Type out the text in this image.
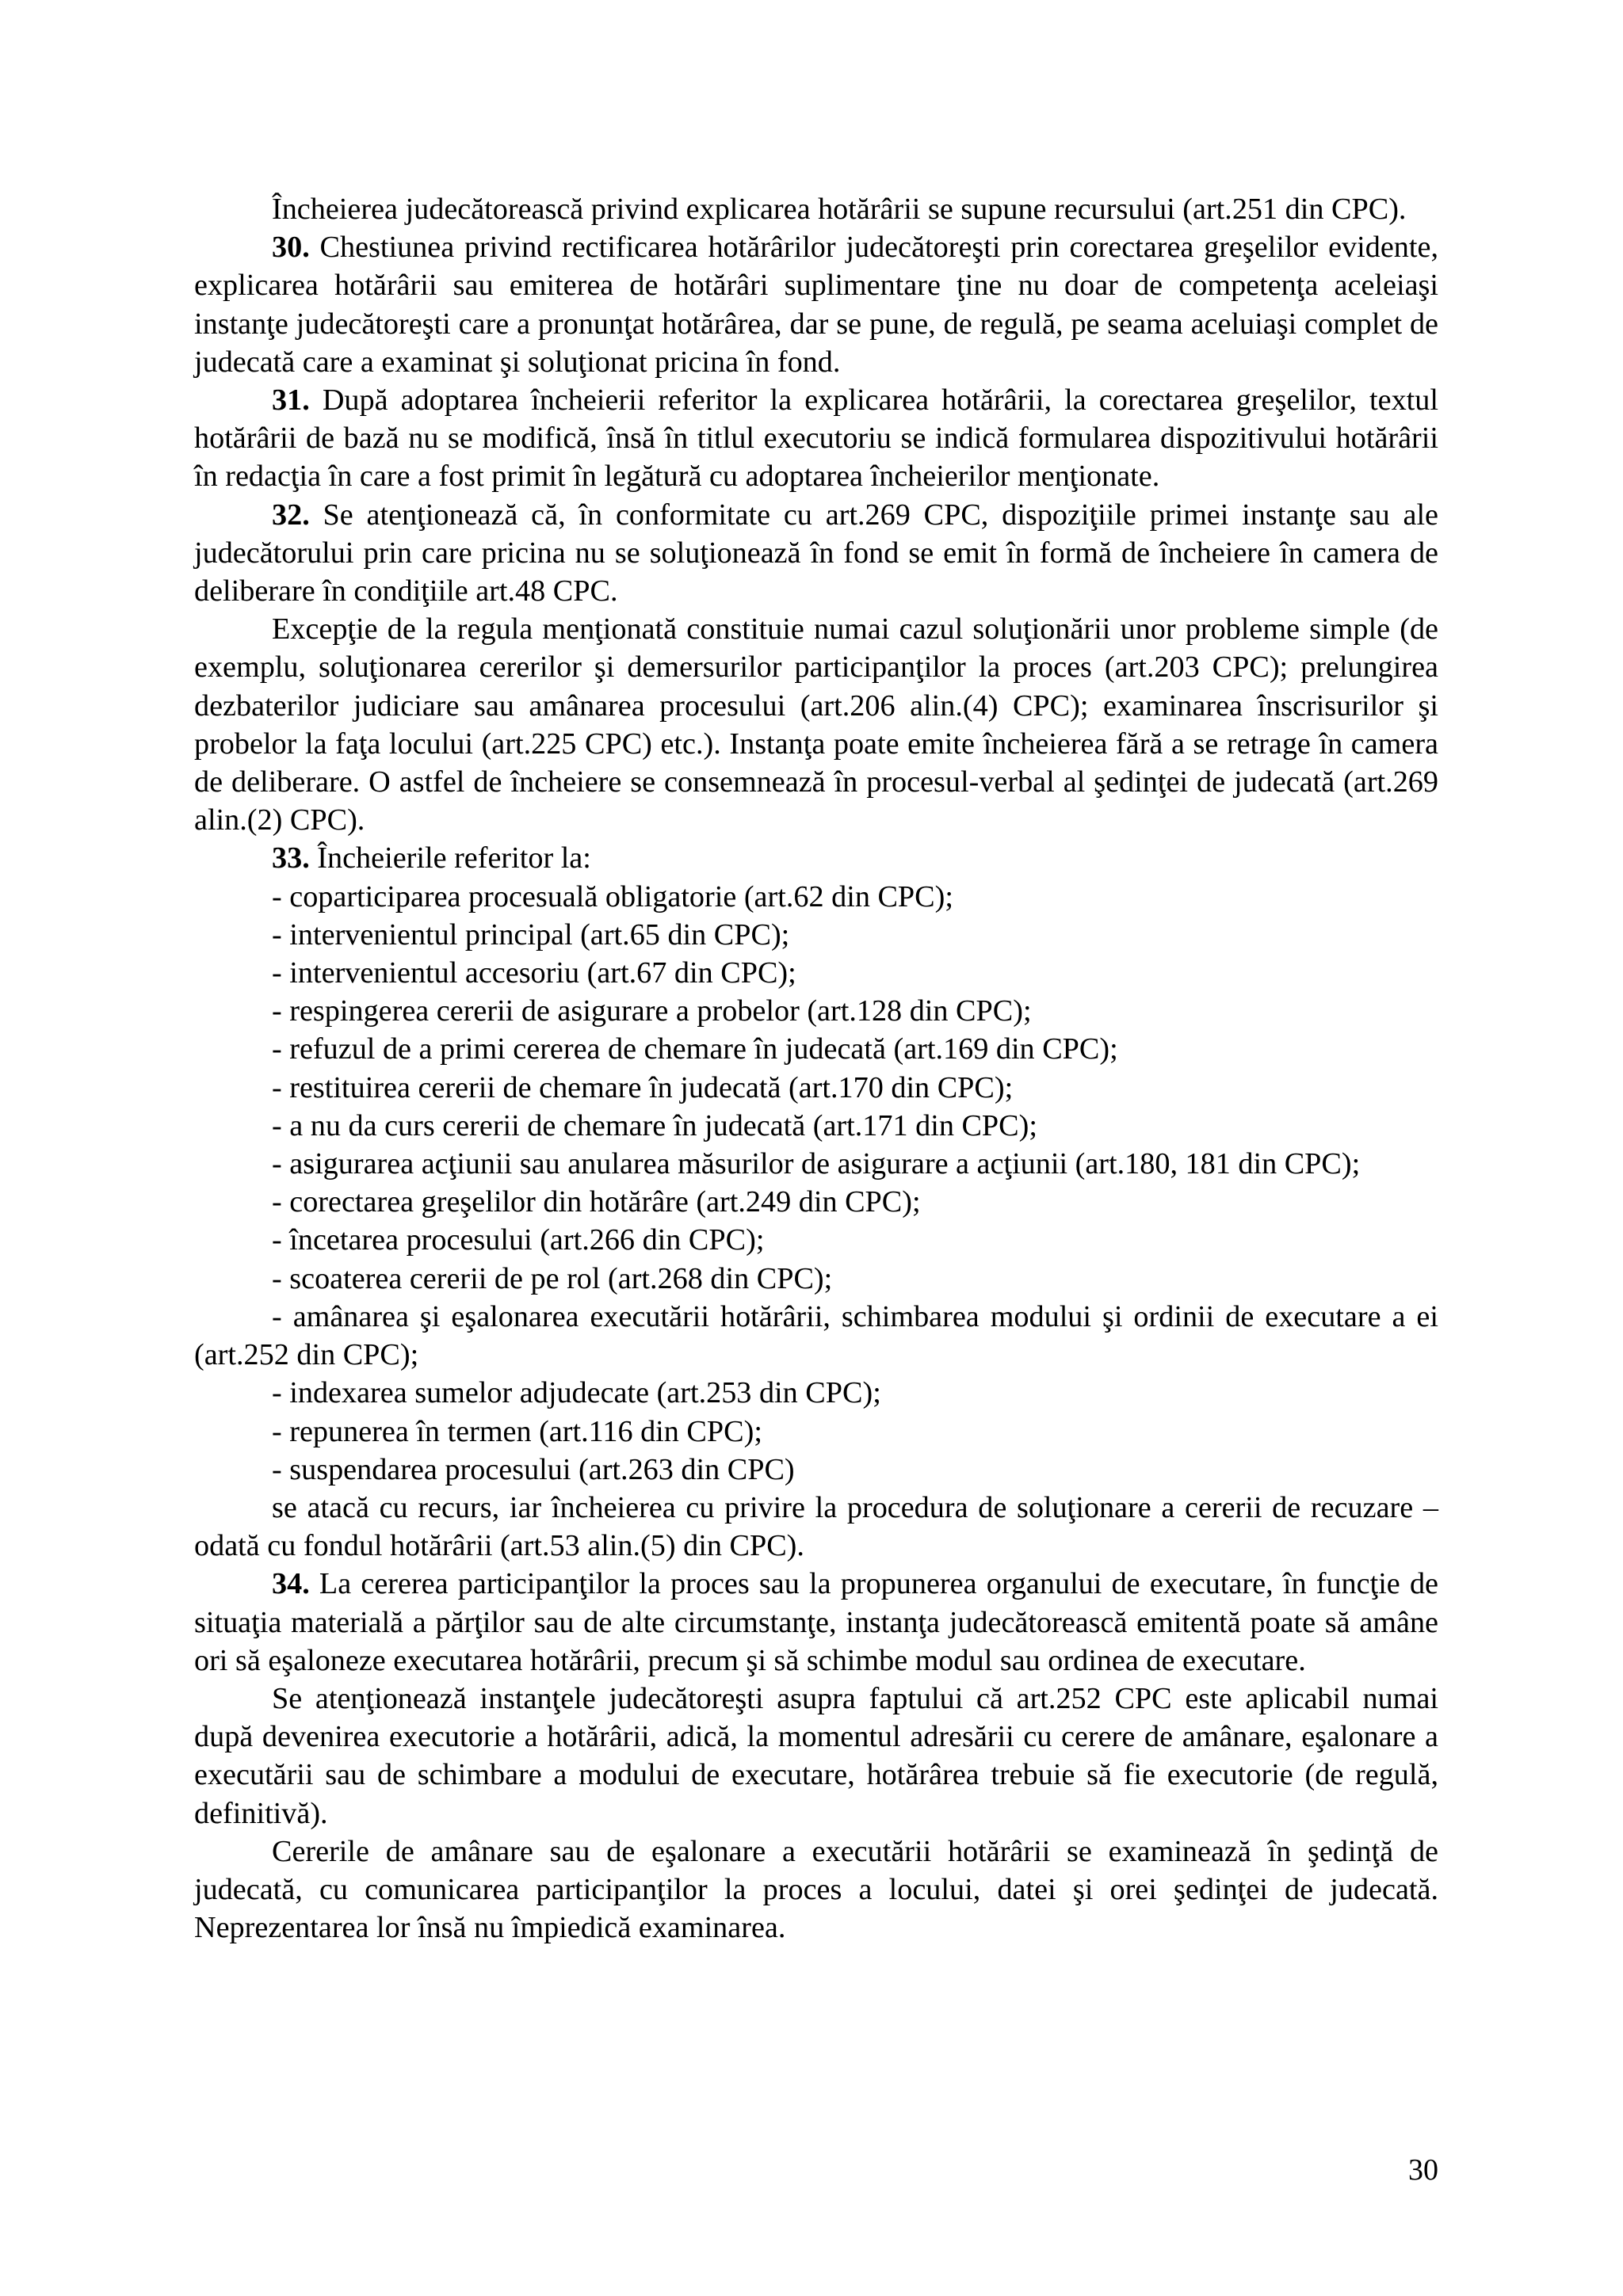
Încheierea judecătorească privind explicarea hotărârii se supune recursului (art.251 din CPC).

30. Chestiunea privind rectificarea hotărârilor judecătoreşti prin corectarea greşelilor evidente, explicarea hotărârii sau emiterea de hotărâri suplimentare ţine nu doar de competenţa aceleiaşi instanţe judecătoreşti care a pronunţat hotărârea, dar se pune, de regulă, pe seama aceluiaşi complet de judecată care a examinat şi soluţionat pricina în fond.

31. După adoptarea încheierii referitor la explicarea hotărârii, la corectarea greşelilor, textul hotărârii de bază nu se modifică, însă în titlul executoriu se indică formularea dispozitivului hotărârii în redacţia în care a fost primit în legătură cu adoptarea încheierilor menţionate.

32. Se atenţionează că, în conformitate cu art.269 CPC, dispoziţiile primei instanţe sau ale judecătorului prin care pricina nu se soluţionează în fond se emit în formă de încheiere în camera de deliberare în condiţiile art.48 CPC.

Excepţie de la regula menţionată constituie numai cazul soluţionării unor probleme simple (de exemplu, soluţionarea cererilor şi demersurilor participanţilor la proces (art.203 CPC); prelungirea dezbaterilor judiciare sau amânarea procesului (art.206 alin.(4) CPC); examinarea înscrisurilor şi probelor la faţa locului (art.225 CPC) etc.). Instanţa poate emite încheierea fără a se retrage în camera de deliberare. O astfel de încheiere se consemnează în procesul-verbal al şedinţei de judecată (art.269 alin.(2) CPC).

33. Încheierile referitor la:

- coparticiparea procesuală obligatorie (art.62 din CPC);

- intervenientul principal (art.65 din CPC);

- intervenientul accesoriu (art.67 din CPC);

- respingerea cererii de asigurare a probelor (art.128 din CPC);

- refuzul de a primi cererea de chemare în judecată (art.169 din CPC);

- restituirea cererii de chemare în judecată (art.170 din CPC);

- a nu da curs cererii de chemare în judecată (art.171 din CPC);

- asigurarea acţiunii sau anularea măsurilor de asigurare a acţiunii (art.180, 181 din CPC);

- corectarea greşelilor din hotărâre (art.249 din CPC);

- încetarea procesului (art.266 din CPC);

- scoaterea cererii de pe rol (art.268 din CPC);

- amânarea şi eşalonarea executării hotărârii, schimbarea modului şi ordinii de executare a ei (art.252 din CPC);

- indexarea sumelor adjudecate (art.253 din CPC);

- repunerea în termen (art.116 din CPC);

- suspendarea procesului (art.263 din CPC)

se atacă cu recurs, iar încheierea cu privire la procedura de soluţionare a cererii de recuzare – odată cu fondul hotărârii (art.53 alin.(5) din CPC).

34. La cererea participanţilor la proces sau la propunerea organului de executare, în funcţie de situaţia materială a părţilor sau de alte circumstanţe, instanţa judecătorească emitentă poate să amâne ori să eşaloneze executarea hotărârii, precum şi să schimbe modul sau ordinea de executare.

Se atenţionează instanţele judecătoreşti asupra faptului că art.252 CPC este aplicabil numai după devenirea executorie a hotărârii, adică, la momentul adresării cu cerere de amânare, eşalonare a executării sau de schimbare a modului de executare, hotărârea trebuie să fie executorie (de regulă, definitivă).

Cererile de amânare sau de eşalonare a executării hotărârii se examinează în şedinţă de judecată, cu comunicarea participanţilor la proces a locului, datei şi orei şedinţei de judecată. Neprezentarea lor însă nu împiedică examinarea.

30
